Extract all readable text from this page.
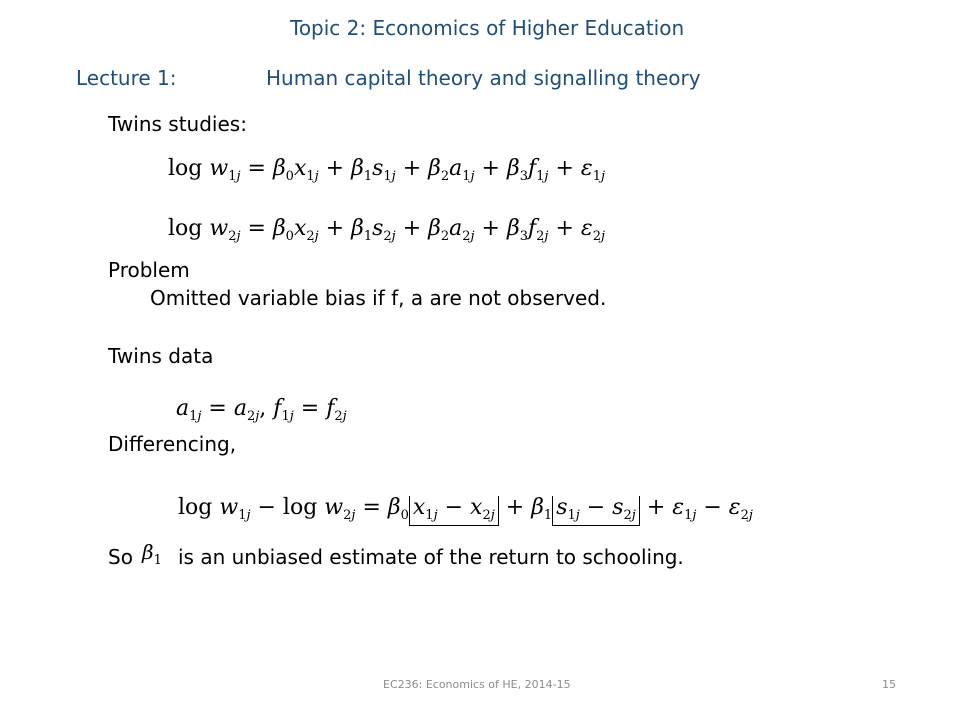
Topic 2: Economics of Higher Education
Lecture 1:	Human capital theory and signalling theory
Twins studies:
$\log w_{1j} = \beta_0x_{1j} + \beta_1s_{1j} + \beta_2a_{1j} + \beta_3f_{1j} + \varepsilon_{1j}$
$\log w_{2j} = \beta_0x_{2j} + \beta_1s_{2j} + \beta_2a_{2j} + \beta_3f_{2j} + \varepsilon_{2j}$
Problem
Omitted variable bias if f, a are not observed.
Twins data
$a_{1j} = a_{2j}$, $f_{1j} = f_{2j}$
Differencing,
$\log w_{1j} - \log w_{2j} = \beta_0$ $x_{1j} - x_{2j} + \beta_1$ $s_{1j} - s_{2j} + \varepsilon_{1j} - \varepsilon_{2j}$
So $\beta_1$ is an unbiased estimate of the return to schooling.
EC236: Economics of HE, 2014-15	15
